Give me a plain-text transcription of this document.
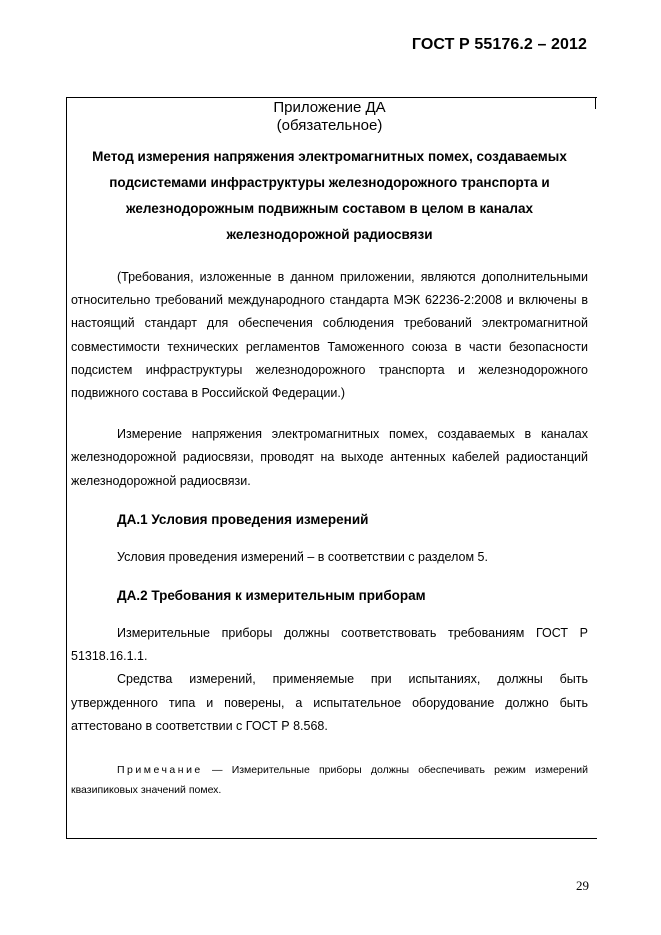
ГОСТ Р 55176.2 – 2012

Приложение ДА

(обязательное)

Метод измерения напряжения электромагнитных помех, создаваемых подсистемами инфраструктуры железнодорожного транспорта и железнодорожным подвижным составом в целом в каналах железнодорожной радиосвязи

(Требования, изложенные в данном приложении, являются дополнительными относительно требований международного стандарта МЭК 62236-2:2008 и включены в настоящий стандарт для обеспечения соблюдения требований электромагнитной совместимости технических регламентов Таможенного союза в части безопасности подсистем инфраструктуры железнодорожного транспорта и железнодорожного подвижного состава в Российской Федерации.)

Измерение напряжения электромагнитных помех, создаваемых в каналах железнодорожной радиосвязи, проводят на выходе антенных кабелей радиостанций железнодорожной радиосвязи.

ДА.1 Условия проведения измерений

Условия проведения измерений – в соответствии с разделом 5.

ДА.2 Требования к измерительным приборам

Измерительные приборы должны соответствовать требованиям ГОСТ Р 51318.16.1.1.

Средства измерений, применяемые при испытаниях, должны быть утвержденного типа и поверены, а испытательное оборудование должно быть аттестовано в соответствии с ГОСТ Р 8.568.

Примечание — Измерительные приборы должны обеспечивать режим измерений квазипиковых значений помех.

29
